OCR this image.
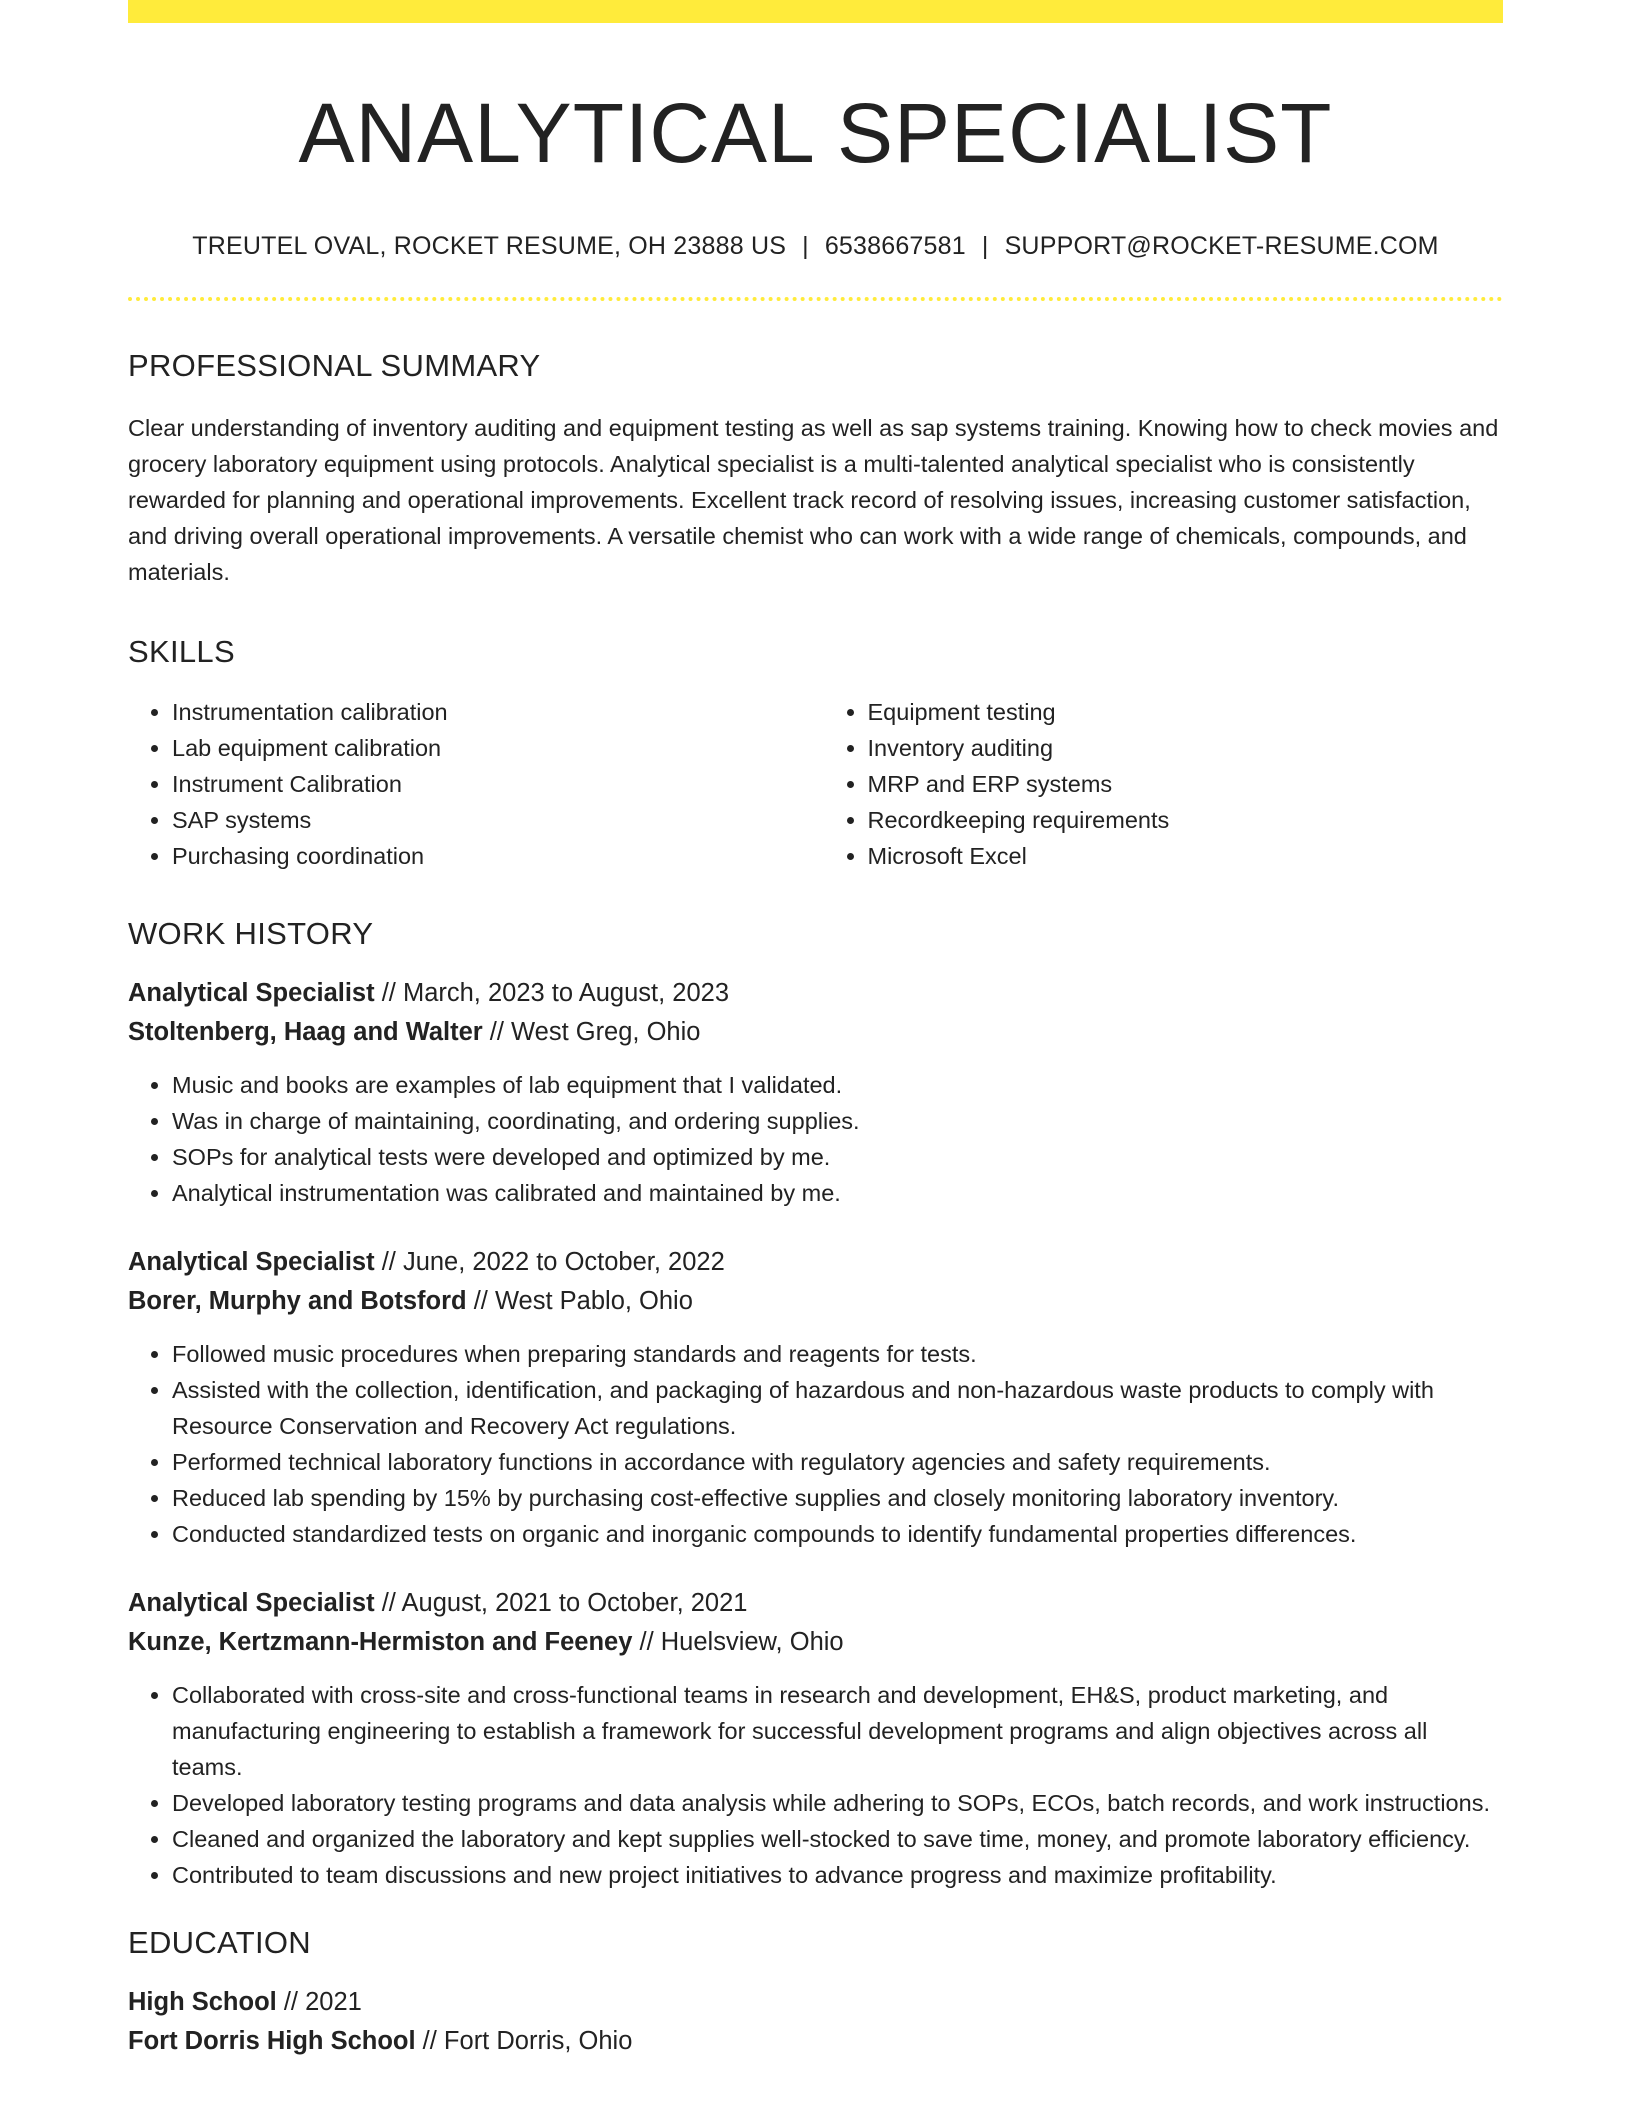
ANALYTICAL SPECIALIST
TREUTEL OVAL, ROCKET RESUME, OH 23888 US | 6538667581 | SUPPORT@ROCKET-RESUME.COM
PROFESSIONAL SUMMARY

Clear understanding of inventory auditing and equipment testing as well as sap systems training. Knowing how to check movies and grocery laboratory equipment using protocols. Analytical specialist is a multi-talented analytical specialist who is consistently rewarded for planning and operational improvements. Excellent track record of resolving issues, increasing customer satisfaction, and driving overall operational improvements. A versatile chemist who can work with a wide range of chemicals, compounds, and materials.

SKILLS
• Instrumentation calibration
• Lab equipment calibration
• Instrument Calibration
• SAP systems
• Purchasing coordination
• Equipment testing
• Inventory auditing
• MRP and ERP systems
• Recordkeeping requirements
• Microsoft Excel
WORK HISTORY
Analytical Specialist // March, 2023 to August, 2023
Stoltenberg, Haag and Walter // West Greg, Ohio
• Music and books are examples of lab equipment that I validated.
• Was in charge of maintaining, coordinating, and ordering supplies.
• SOPs for analytical tests were developed and optimized by me.
• Analytical instrumentation was calibrated and maintained by me.
Analytical Specialist // June, 2022 to October, 2022
Borer, Murphy and Botsford // West Pablo, Ohio
• Followed music procedures when preparing standards and reagents for tests.
• Assisted with the collection, identification, and packaging of hazardous and non-hazardous waste products to comply with Resource Conservation and Recovery Act regulations.
• Performed technical laboratory functions in accordance with regulatory agencies and safety requirements.
• Reduced lab spending by 15% by purchasing cost-effective supplies and closely monitoring laboratory inventory.
• Conducted standardized tests on organic and inorganic compounds to identify fundamental properties differences.
Analytical Specialist // August, 2021 to October, 2021
Kunze, Kertzmann-Hermiston and Feeney // Huelsview, Ohio
• Collaborated with cross-site and cross-functional teams in research and development, EH&S, product marketing, and manufacturing engineering to establish a framework for successful development programs and align objectives across all teams.
• Developed laboratory testing programs and data analysis while adhering to SOPs, ECOs, batch records, and work instructions.
• Cleaned and organized the laboratory and kept supplies well-stocked to save time, money, and promote laboratory efficiency.
• Contributed to team discussions and new project initiatives to advance progress and maximize profitability.
EDUCATION
High School // 2021
Fort Dorris High School // Fort Dorris, Ohio
